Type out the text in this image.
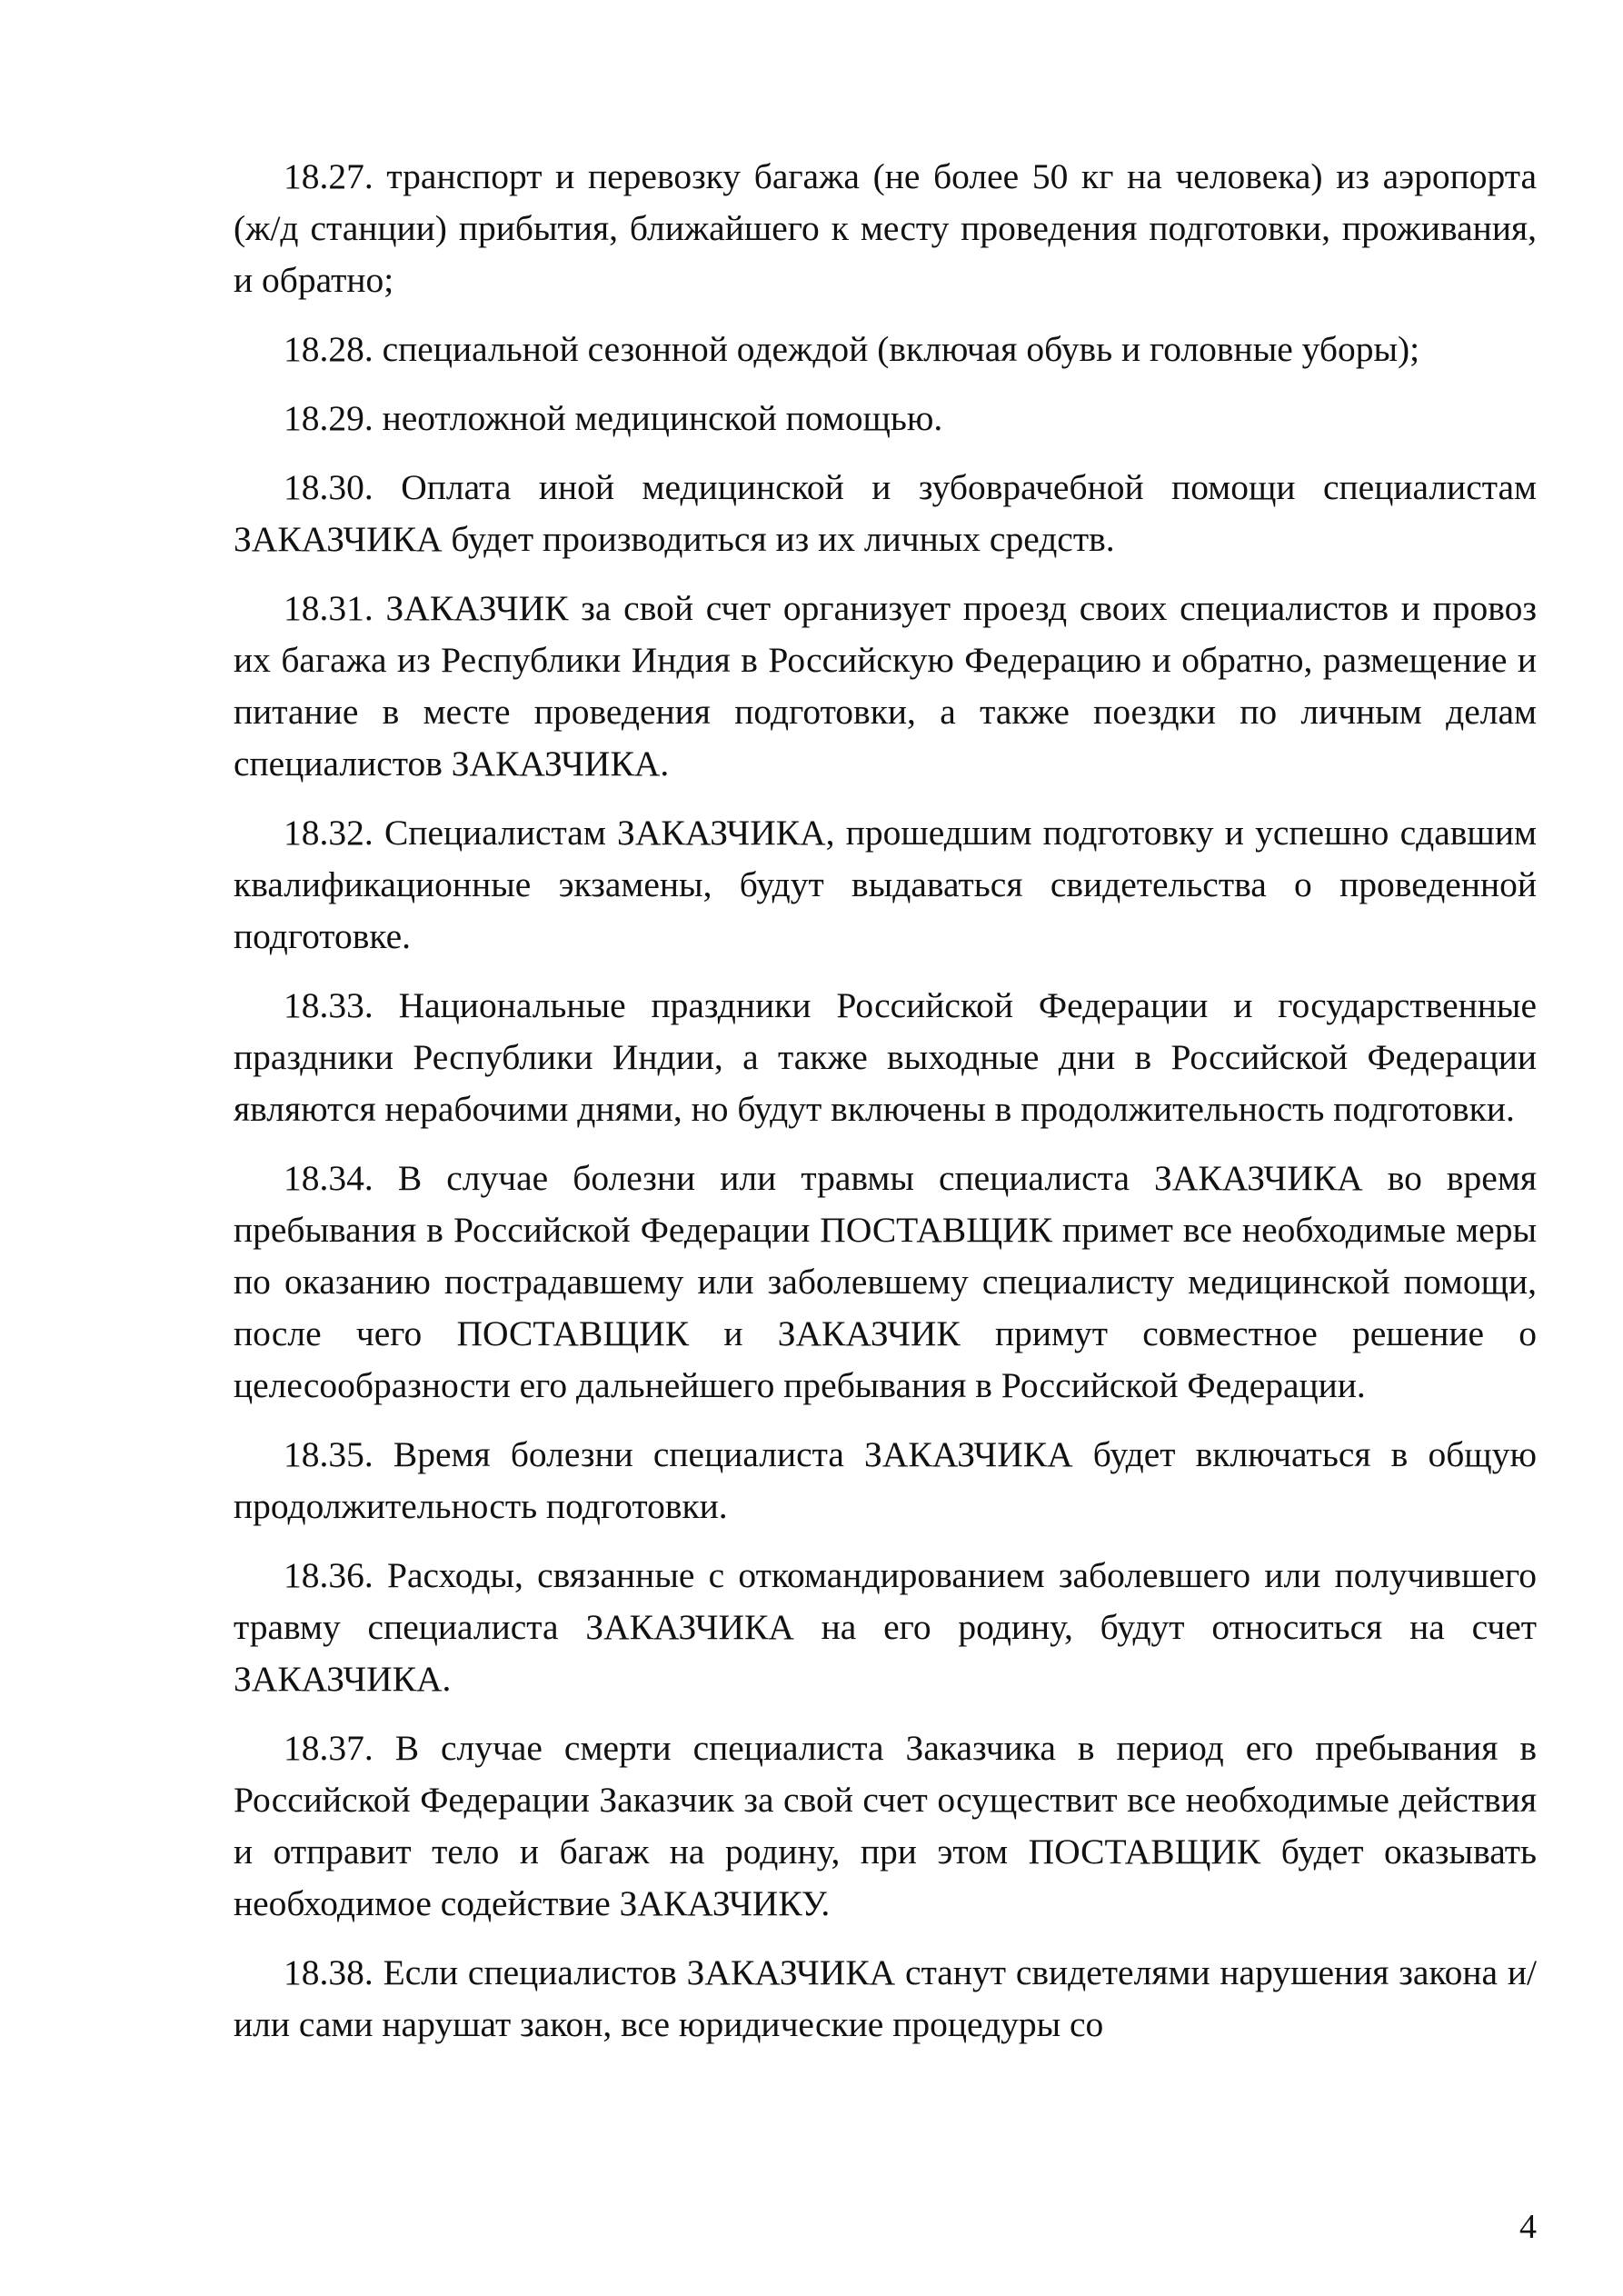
18.27. транспорт и перевозку багажа (не более 50 кг на человека) из аэропорта (ж/д станции) прибытия, ближайшего к месту проведения подготовки, проживания, и обратно;

18.28. специальной сезонной одеждой (включая обувь и головные уборы);

18.29. неотложной медицинской помощью.

18.30. Оплата иной медицинской и зубоврачебной помощи специалистам ЗАКАЗЧИКА будет производиться из их личных средств.

18.31. ЗАКАЗЧИК за свой счет организует проезд своих специалистов и провоз их багажа из Республики Индия в Российскую Федерацию и обратно, размещение и питание в месте проведения подготовки, а также поездки по личным делам специалистов ЗАКАЗЧИКА.

18.32. Специалистам ЗАКАЗЧИКА, прошедшим подготовку и успешно сдавшим квалификационные экзамены, будут выдаваться свидетельства о проведенной подготовке.

18.33. Национальные праздники Российской Федерации и государственные праздники Республики Индии, а также выходные дни в Российской Федерации являются нерабочими днями, но будут включены в продолжительность подготовки.

18.34. В случае болезни или травмы специалиста ЗАКАЗЧИКА во время пребывания в Российской Федерации ПОСТАВЩИК примет все необходимые меры по оказанию пострадавшему или заболевшему специалисту медицинской помощи, после чего ПОСТАВЩИК и ЗАКАЗЧИК примут совместное решение о целесообразности его дальнейшего пребывания в Российской Федерации.

18.35. Время болезни специалиста ЗАКАЗЧИКА будет включаться в общую продолжительность подготовки.

18.36. Расходы, связанные с откомандированием заболевшего или получившего травму специалиста ЗАКАЗЧИКА на его родину, будут относиться на счет ЗАКАЗЧИКА.

18.37. В случае смерти специалиста Заказчика в период его пребывания в Российской Федерации Заказчик за свой счет осуществит все необходимые действия и отправит тело и багаж на родину, при этом ПОСТАВЩИК будет оказывать необходимое содействие ЗАКАЗЧИКУ.

18.38. Если специалистов ЗАКАЗЧИКА станут свидетелями нарушения закона и/или сами нарушат закон, все юридические процедуры со

4
